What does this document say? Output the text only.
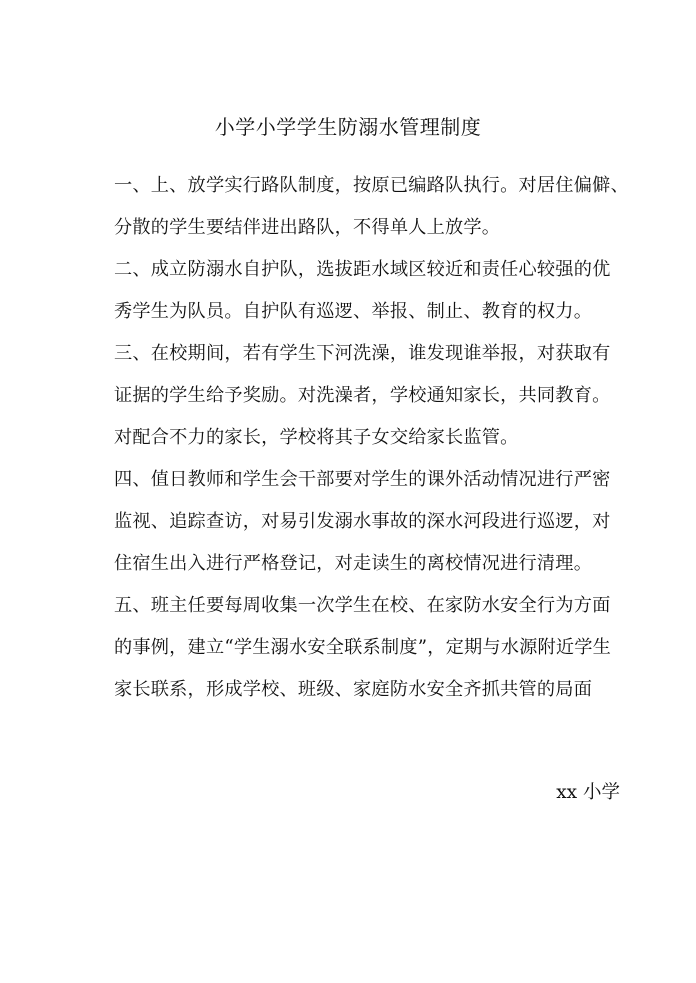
小学小学学生防溺水管理制度
一、上、放学实行路队制度，按原已编路队执行。对居住偏僻、
分散的学生要结伴进出路队，不得单人上放学。
二、成立防溺水自护队，选拔距水域区较近和责任心较强的优
秀学生为队员。自护队有巡逻、举报、制止、教育的权力。
三、在校期间，若有学生下河洗澡，谁发现谁举报，对获取有
证据的学生给予奖励。对洗澡者，学校通知家长，共同教育。
对配合不力的家长，学校将其子女交给家长监管。
四、值日教师和学生会干部要对学生的课外活动情况进行严密
监视、追踪查访，对易引发溺水事故的深水河段进行巡逻，对
住宿生出入进行严格登记，对走读生的离校情况进行清理。
五、班主任要每周收集一次学生在校、在家防水安全行为方面
的事例，建立“学生溺水安全联系制度”，定期与水源附近学生
家长联系，形成学校、班级、家庭防水安全齐抓共管的局面
xx 小学
